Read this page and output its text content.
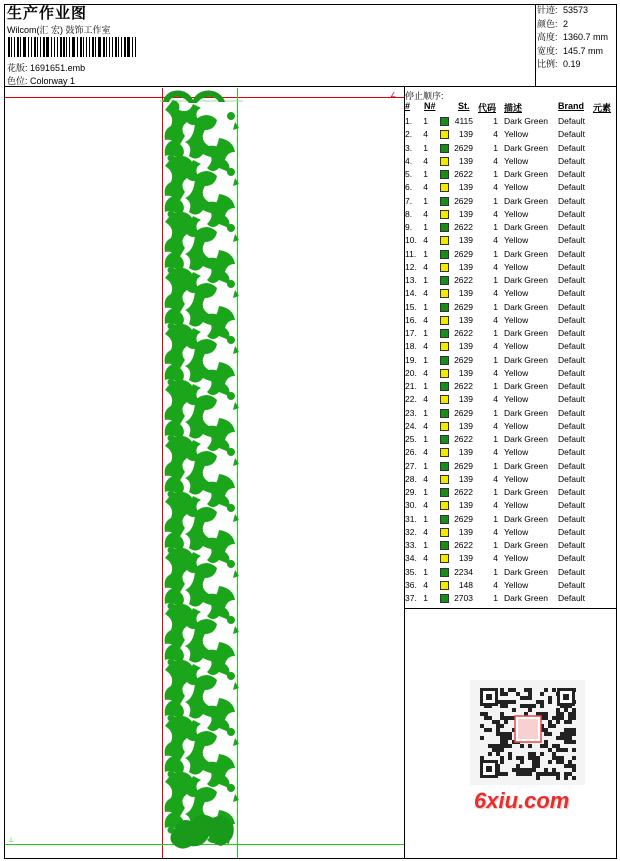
生产作业图
Wilcom(汇 宏) 鼓饰工作室
花版: 1691651.emb
色位: Colorway 1
针迹: 53573
颜色: 2
高度: 1360.7 mm
宽度: 145.7 mm
比例: 0.19
停止顺序:
# N# St. 代码 描述	Brand 元素
1. 1	4115	1 Dark Green Default
2. 4	139	4 Yellow	Default
3. 1	2629	1 Dark Green Default
4. 4	139	4 Yellow	Default
5. 1	2622	1 Dark Green Default
6. 4	139	4 Yellow	Default
7. 1	2629	1 Dark Green Default
8. 4	139	4 Yellow	Default
9. 1	2622	1 Dark Green Default
10. 4	139	4 Yellow	Default
11. 1	2629	1 Dark Green Default
12. 4	139	4 Yellow	Default
13. 1	2622	1 Dark Green Default
14. 4	139	4 Yellow	Default
15. 1	2629	1 Dark Green Default
16. 4	139	4 Yellow	Default
17. 1	2622	1 Dark Green Default
18. 4	139	4 Yellow	Default
19. 1	2629	1 Dark Green Default
20. 4	139	4 Yellow	Default
21. 1	2622	1 Dark Green Default
22. 4	139	4 Yellow	Default
23. 1	2629	1 Dark Green Default
24. 4	139	4 Yellow	Default
25. 1	2622	1 Dark Green Default
26. 4	139	4 Yellow	Default
27. 1	2629	1 Dark Green Default
28. 4	139	4 Yellow	Default
29. 1	2622	1 Dark Green Default
30. 4	139	4 Yellow	Default
31. 1	2629	1 Dark Green Default
32. 4	139	4 Yellow	Default
33. 1	2622	1 Dark Green Default
34. 4	139	4 Yellow	Default
35. 1	2234	1 Dark Green Default
36. 4	148	4 Yellow	Default
37. 1	2703	1 Dark Green Default
∠
⊥
6xiu.com
